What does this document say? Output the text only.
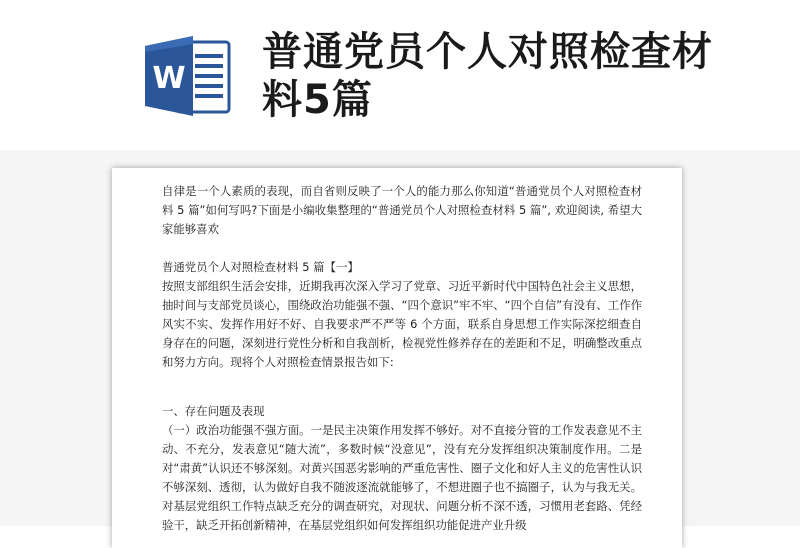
W
普通党员个人对照检查材料5篇

自律是一个人素质的表现，而自省则反映了一个人的能力那么你知道“普通党员个人对照检查材料 5 篇”如何写吗?下面是小编收集整理的“普通党员个人对照检查材料 5 篇”, 欢迎阅读, 希望大家能够喜欢

普通党员个人对照检查材料 5 篇【一】

按照支部组织生活会安排，近期我再次深入学习了党章、习近平新时代中国特色社会主义思想，抽时间与支部党员谈心，围绕政治功能强不强、“四个意识”牢不牢、“四个自信”有没有、工作作风实不实、发挥作用好不好、自我要求严不严等 6 个方面，联系自身思想工作实际深挖细查自身存在的问题，深刻进行党性分析和自我剖析，检视党性修养存在的差距和不足，明确整改重点和努力方向。现将个人对照检查情景报告如下:

一、存在问题及表现

（一）政治功能强不强方面。一是民主决策作用发挥不够好。对不直接分管的工作发表意见不主动、不充分，发表意见“随大流”，多数时候“没意见”，没有充分发挥组织决策制度作用。二是对“肃黄”认识还不够深刻。对黄兴国恶劣影响的严重危害性、圈子文化和好人主义的危害性认识不够深刻、透彻，认为做好自我不随波逐流就能够了，不想进圈子也不搞圈子，认为与我无关。对基层党组织工作特点缺乏充分的调查研究，对现状、问题分析不深不透，习惯用老套路、凭经验干，缺乏开拓创新精神，在基层党组织如何发挥组织功能促进产业升级
